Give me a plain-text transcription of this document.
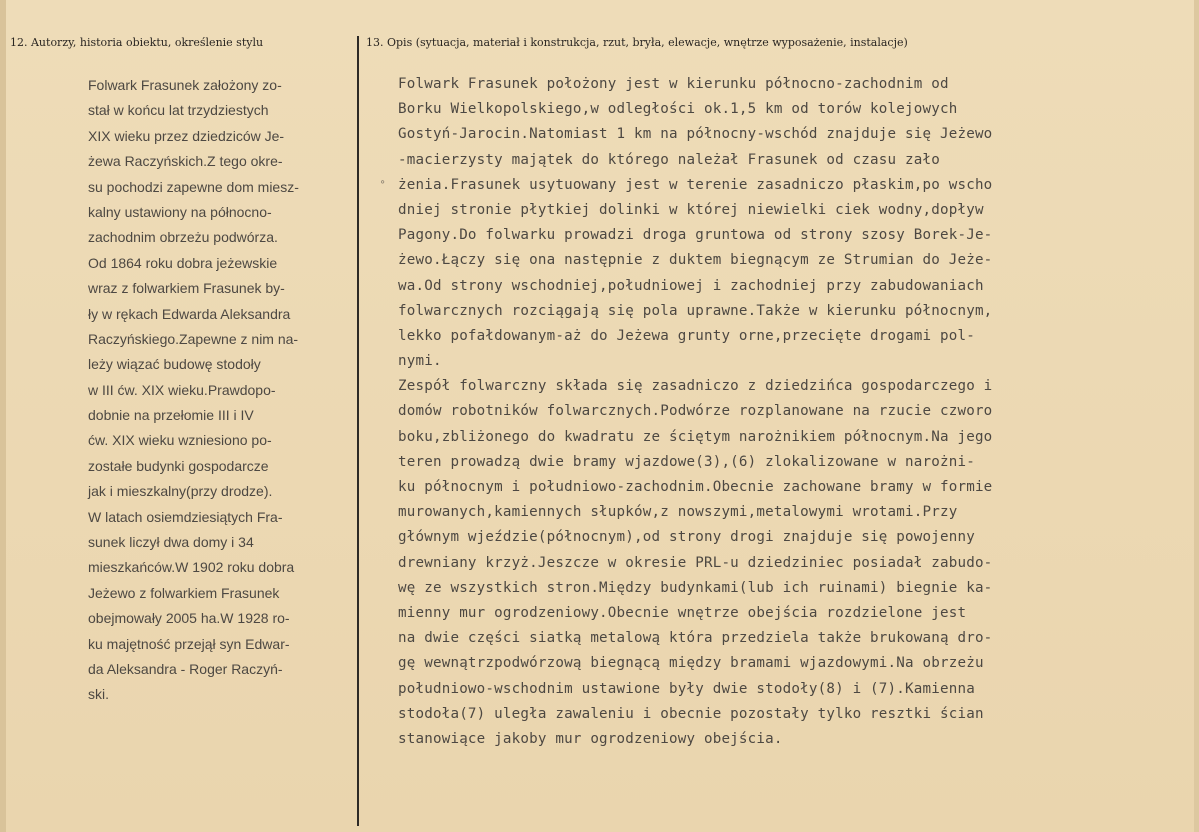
12. Autorzy, historia obiektu, określenie stylu	13. Opis (sytuacja, materiał i konstrukcja, rzut, bryła, elewacje, wnętrze wyposażenie, instalacje)
˚
Folwark Frasunek założony zo-
stał w końcu lat trzydziestych
XIX wieku przez dziedziców Je-
żewa Raczyńskich.Z tego okre-
su pochodzi zapewne dom miesz-
kalny ustawiony na północno-
zachodnim obrzeżu podwórza.
Od 1864 roku dobra jeżewskie
wraz z folwarkiem Frasunek by-
ły w rękach Edwarda Aleksandra
Raczyńskiego.Zapewne z nim na-
leży wiązać budowę stodoły
w III ćw. XIX wieku.Prawdopo-
dobnie na przełomie III i IV
ćw. XIX wieku wzniesiono po-
zostałe budynki gospodarcze
jak i mieszkalny(przy drodze).
W latach osiemdziesiątych Fra-
sunek liczył dwa domy i 34
mieszkańców.W 1902 roku dobra
Jeżewo z folwarkiem Frasunek
obejmowały 2005 ha.W 1928 ro-
ku majętność przejął syn Edwar-
da Aleksandra - Roger Raczyń-
ski.
Folwark Frasunek położony jest w kierunku północno-zachodnim od
Borku Wielkopolskiego,w odległości ok.1,5 km od torów kolejowych
Gostyń-Jarocin.Natomiast 1 km na północny-wschód znajduje się Jeżewo
-macierzysty majątek do którego należał Frasunek od czasu zało
żenia.Frasunek usytuowany jest w terenie zasadniczo płaskim,po wscho
dniej stronie płytkiej dolinki w której niewielki ciek wodny,dopływ
Pagony.Do folwarku prowadzi droga gruntowa od strony szosy Borek-Je-
żewo.Łączy się ona następnie z duktem biegnącym ze Strumian do Jeże-
wa.Od strony wschodniej,południowej i zachodniej przy zabudowaniach
folwarcznych rozciągają się pola uprawne.Także w kierunku północnym,
lekko pofałdowanym-aż do Jeżewa grunty orne,przecięte drogami pol-
nymi.
Zespół folwarczny składa się zasadniczo z dziedzińca gospodarczego i
domów robotników folwarcznych.Podwórze rozplanowane na rzucie czworo
boku,zbliżonego do kwadratu ze ściętym narożnikiem północnym.Na jego
teren prowadzą dwie bramy wjazdowe(3),(6) zlokalizowane w narożni-
ku północnym i południowo-zachodnim.Obecnie zachowane bramy w formie
murowanych,kamiennych słupków,z nowszymi,metalowymi wrotami.Przy
głównym wjeździe(północnym),od strony drogi znajduje się powojenny
drewniany krzyż.Jeszcze w okresie PRL-u dziedziniec posiadał zabudo-
wę ze wszystkich stron.Między budynkami(lub ich ruinami) biegnie ka-
mienny mur ogrodzeniowy.Obecnie wnętrze obejścia rozdzielone jest
na dwie części siatką metalową która przedziela także brukowaną dro-
gę wewnątrzpodwórzową biegnącą między bramami wjazdowymi.Na obrzeżu
południowo-wschodnim ustawione były dwie stodoły(8) i (7).Kamienna
stodoła(7) uległa zawaleniu i obecnie pozostały tylko resztki ścian
stanowiące jakoby mur ogrodzeniowy obejścia.
